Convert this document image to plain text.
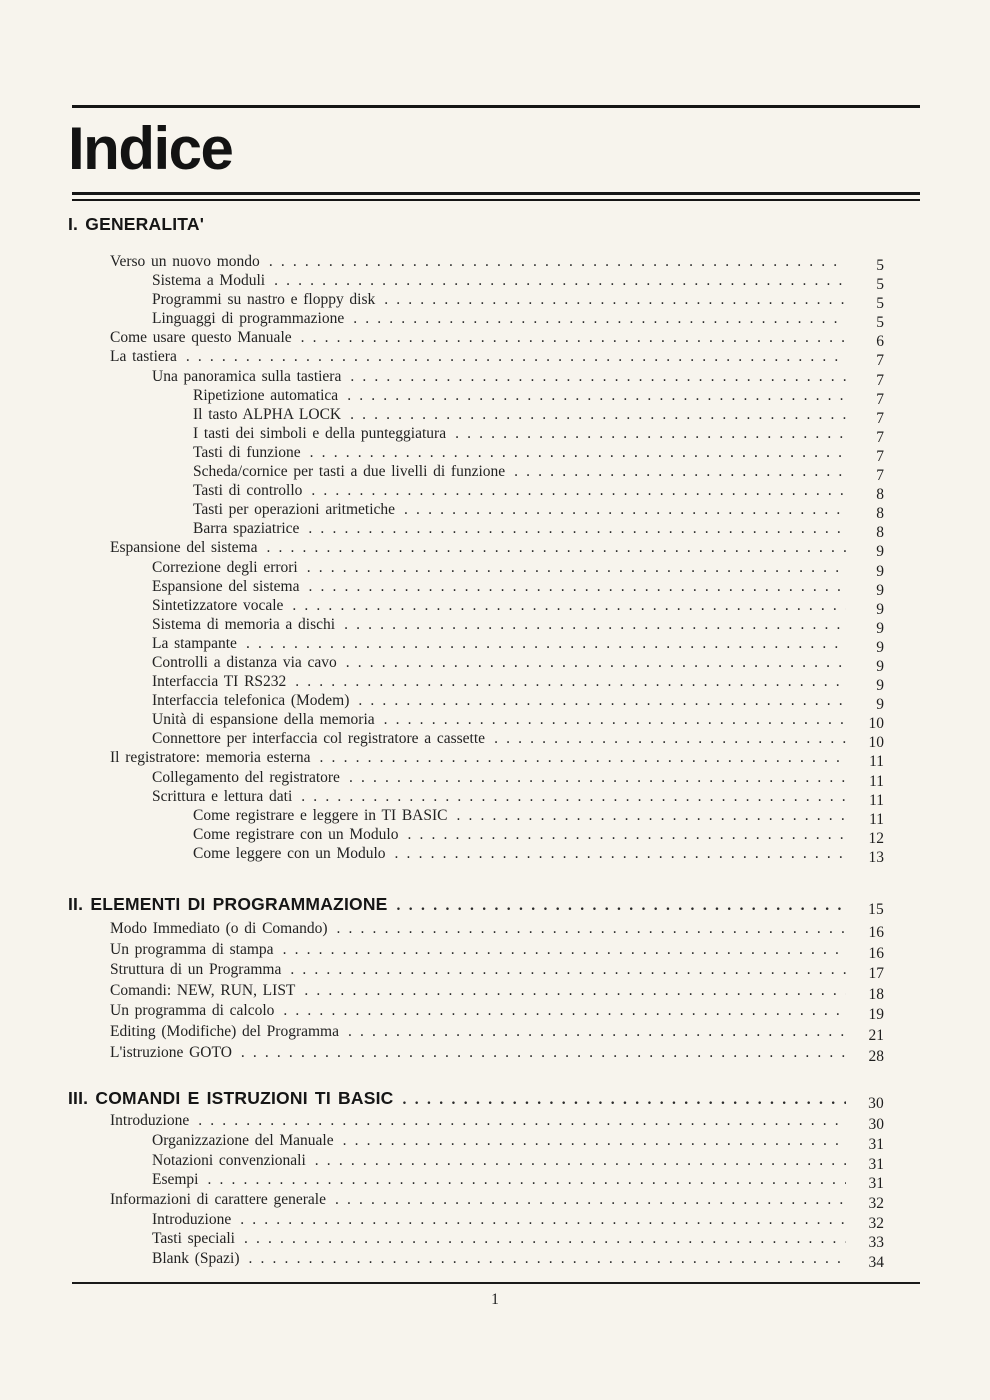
Indice
I. GENERALITA'
Verso un nuovo mondo . . .	5
Sistema a Moduli . . .	5
Programmi su nastro e floppy disk . . .	5
Linguaggi di programmazione . . .	5
Come usare questo Manuale . . .	6
La tastiera . . .	7
Una panoramica sulla tastiera . . .	7
Ripetizione automatica . . .	7
Il tasto ALPHA LOCK . . .	7
I tasti dei simboli e della punteggiatura . . .	7
Tasti di funzione . . .	7
Scheda/cornice per tasti a due livelli di funzione . . .	7
Tasti di controllo . . .	8
Tasti per operazioni aritmetiche . . .	8
Barra spaziatrice . . .	8
Espansione del sistema . . .	9
Correzione degli errori . . .	9
Espansione del sistema . . .	9
Sintetizzatore vocale . . .	9
Sistema di memoria a dischi . . .	9
La stampante . . .	9
Controlli a distanza via cavo . . .	9
Interfaccia TI RS232 . . .	9
Interfaccia telefonica (Modem) . . .	9
Unità di espansione della memoria . . .	10
Connettore per interfaccia col registratore a cassette . . .	10
Il registratore: memoria esterna . . .	11
Collegamento del registratore . . .	11
Scrittura e lettura dati . . .	11
Come registrare e leggere in TI BASIC . . .	11
Come registrare con un Modulo . . .	12
Come leggere con un Modulo . . .	13
II. ELEMENTI DI PROGRAMMAZIONE . . .	15
Modo Immediato (o di Comando) . . .	16
Un programma di stampa . . .	16
Struttura di un Programma . . .	17
Comandi: NEW, RUN, LIST . . .	18
Un programma di calcolo . . .	19
Editing (Modifiche) del Programma . . .	21
L'istruzione GOTO . . .	28
III. COMANDI E ISTRUZIONI TI BASIC . . .	30
Introduzione . . .	30
Organizzazione del Manuale . . .	31
Notazioni convenzionali . . .	31
Esempi . . .	31
Informazioni di carattere generale . . .	32
Introduzione . . .	32
Tasti speciali . . .	33
Blank (Spazi) . . .	34
1
